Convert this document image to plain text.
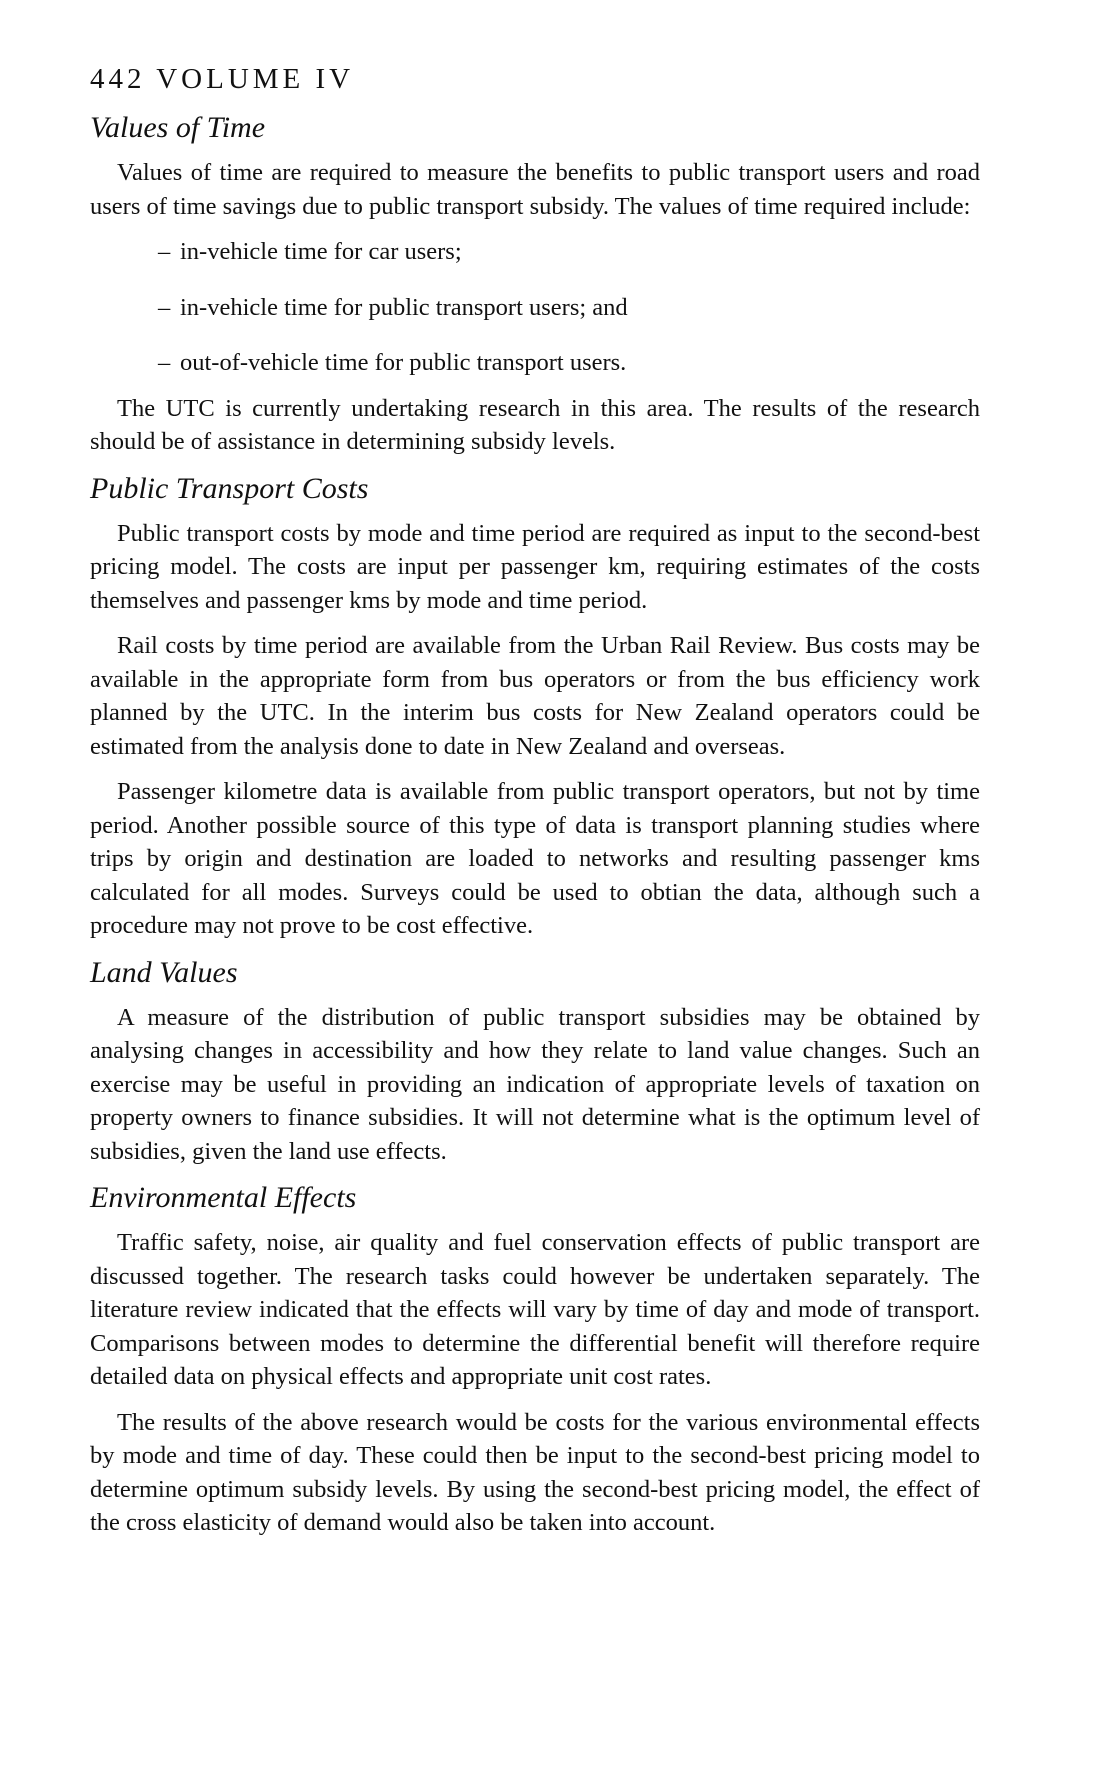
442 VOLUME IV
Values of Time

Values of time are required to measure the benefits to public transport users and road users of time savings due to public transport subsidy. The values of time required include:

– in-vehicle time for car users;
– in-vehicle time for public transport users; and
– out-of-vehicle time for public transport users.

The UTC is currently undertaking research in this area. The results of the research should be of assistance in determining subsidy levels.

Public Transport Costs

Public transport costs by mode and time period are required as input to the second-best pricing model. The costs are input per passenger km, requiring estimates of the costs themselves and passenger kms by mode and time period.

Rail costs by time period are available from the Urban Rail Review. Bus costs may be available in the appropriate form from bus operators or from the bus efficiency work planned by the UTC. In the interim bus costs for New Zealand operators could be estimated from the analysis done to date in New Zealand and overseas.

Passenger kilometre data is available from public transport operators, but not by time period. Another possible source of this type of data is transport planning studies where trips by origin and destination are loaded to networks and resulting passenger kms calculated for all modes. Surveys could be used to obtian the data, although such a procedure may not prove to be cost effective.

Land Values

A measure of the distribution of public transport subsidies may be obtained by analysing changes in accessibility and how they relate to land value changes. Such an exercise may be useful in providing an indication of appropriate levels of taxation on property owners to finance subsidies. It will not determine what is the optimum level of subsidies, given the land use effects.

Environmental Effects

Traffic safety, noise, air quality and fuel conservation effects of public transport are discussed together. The research tasks could however be undertaken separately. The literature review indicated that the effects will vary by time of day and mode of transport. Comparisons between modes to determine the differential benefit will therefore require detailed data on physical effects and appropriate unit cost rates.

The results of the above research would be costs for the various environmental effects by mode and time of day. These could then be input to the second-best pricing model to determine optimum subsidy levels. By using the second-best pricing model, the effect of the cross elasticity of demand would also be taken into account.
